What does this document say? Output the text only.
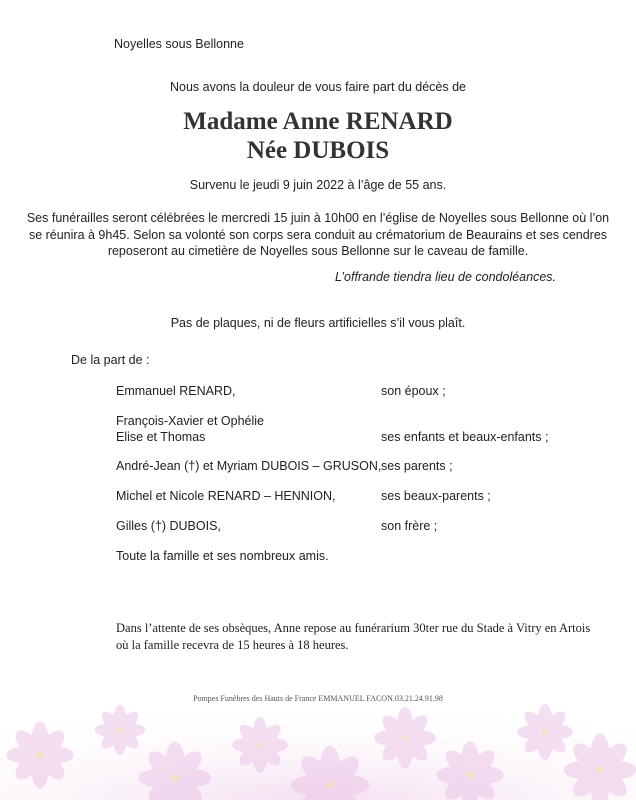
Noyelles sous Bellonne
Nous avons la douleur de vous faire part du décès de
Madame Anne RENARD
Née DUBOIS
Survenu le jeudi 9 juin 2022 à l’âge de 55 ans.
Ses funérailles seront célébrées le mercredi 15 juin à 10h00 en l’église de Noyelles sous Bellonne où l’on se réunira à 9h45. Selon sa volonté son corps sera conduit au crématorium de Beaurains et ses cendres reposeront au cimetière de Noyelles sous Bellonne sur le caveau de famille.
L’offrande tiendra lieu de condoléances.
Pas de plaques, ni de fleurs artificielles s’il vous plaît.
De la part de :
Emmanuel RENARD,	son époux ;
François-Xavier et Ophélie
Elise et Thomas	ses enfants et beaux-enfants ;
André-Jean (†) et Myriam DUBOIS – GRUSON, ses parents ;
Michel et Nicole RENARD – HENNION,	ses beaux-parents ;
Gilles (†) DUBOIS,	son frère ;
Toute la famille et ses nombreux amis.
Dans l’attente de ses obsèques, Anne repose au funérarium 30ter rue du Stade à Vitry en Artois
où la famille recevra de 15 heures à 18 heures.
Pompes Funèbres des Hauts de France EMMANUEL FACON.03.21.24.91.98
